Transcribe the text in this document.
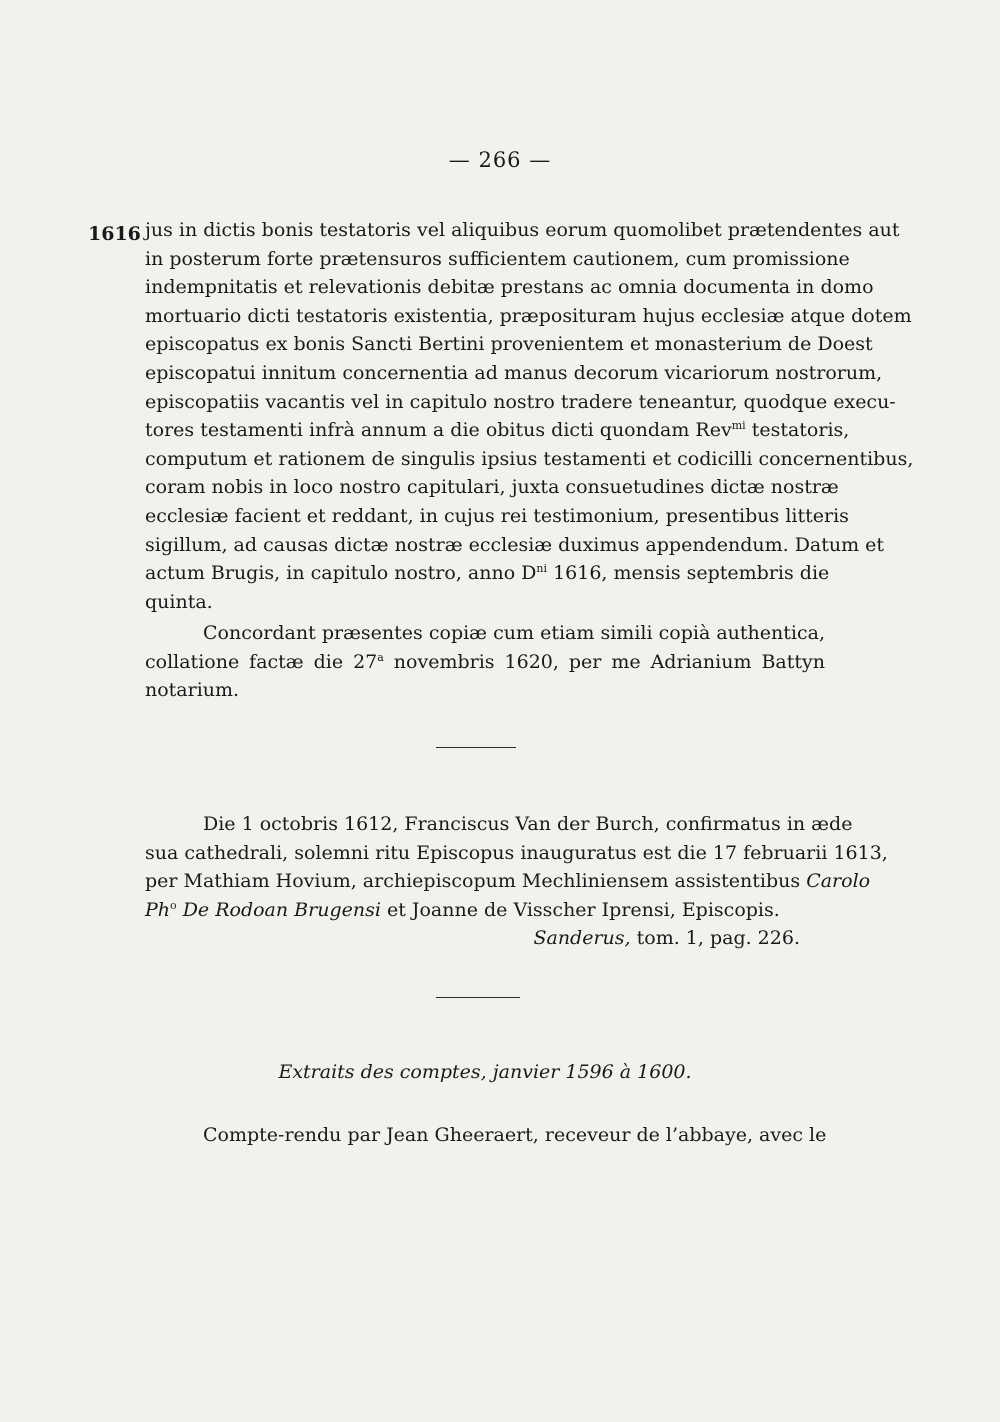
— 266 —
1616 jus in dictis bonis testatoris vel aliquibus eorum quomolibet prætendentes aut
in posterum forte prætensuros sufficientem cautionem, cum promissione
indempnitatis et relevationis debitæ prestans ac omnia documenta in domo
mortuario dicti testatoris existentia, præposituram hujus ecclesiæ atque dotem
episcopatus ex bonis Sancti Bertini provenientem et monasterium de Doest
episcopatui innitum concernentia ad manus decorum vicariorum nostrorum,
episcopatiis vacantis vel in capitulo nostro tradere teneantur, quodque execu-
tores testamenti infrà annum a die obitus dicti quondam Rev$^{mi}$ testatoris,
computum et rationem de singulis ipsius testamenti et codicilli concernentibus,
coram nobis in loco nostro capitulari, juxta consuetudines dictæ nostræ
ecclesiæ facient et reddant, in cujus rei testimonium, presentibus litteris
sigillum, ad causas dictæ nostræ ecclesiæ duximus appendendum. Datum et
actum Brugis, in capitulo nostro, anno $D^{ni}$ 1616, mensis septembris die
quinta.
Concordant præsentes copiæ cum etiam simili copià authentica,
collatione factæ die 27$^a$ novembris 1620, per me Adrianium Battyn
notarium.
Die 1 octobris 1612, Franciscus Van der Burch, confirmatus in æde
sua cathedrali, solemni ritu Episcopus inauguratus est die 17 februarii 1613,
per Mathiam Hovium, archiepiscopum Mechliniensem assistentibus Carolo
Ph$^o$ De Rodoan Brugensi et Joanne de Visscher Iprensi, Episcopis.
Sanderus, tom. 1, pag. 226.
Extraits des comptes, janvier 1596 à 1600.
Compte-rendu par Jean Gheeraert, receveur de l’abbaye, avec le
